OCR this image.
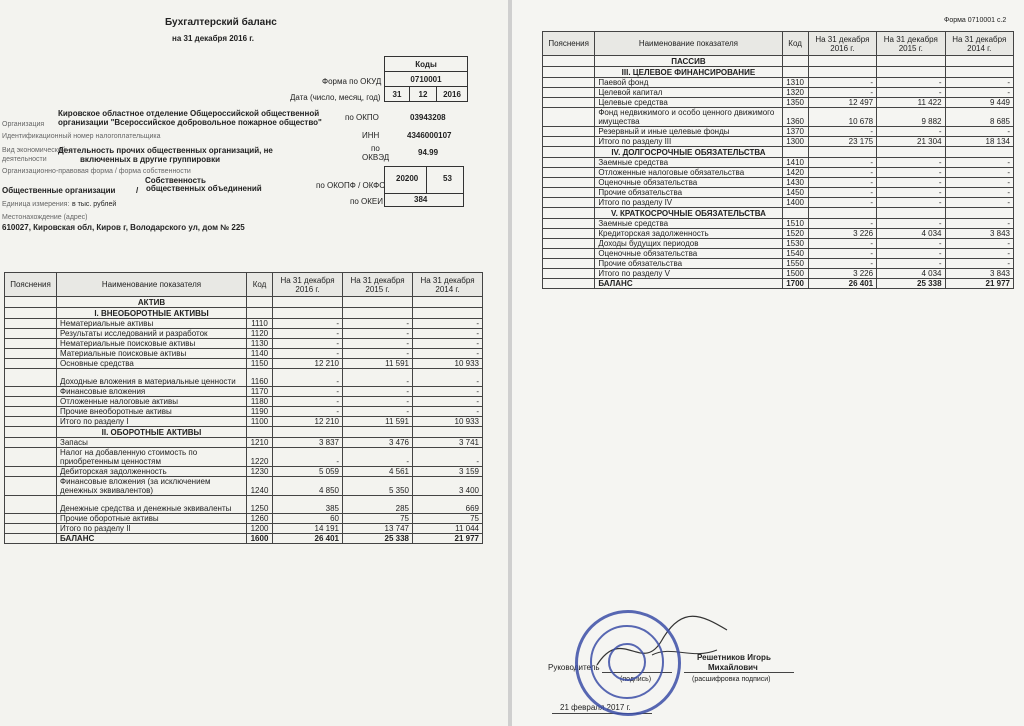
Бухгалтерский баланс
на 31 декабря 2016 г.
Коды
0710001
31	12	2016
Форма по ОКУД
Дата (число, месяц, год)
Организация
Кировское областное отделение Общероссийской общественной
организации "Всероссийское добровольное пожарное общество"
по ОКПО	03943208
Идентификационный номер налогоплательщика	ИНН	4346000107
Вид экономической
деятельности
Деятельность прочих общественных организаций, не
включенных в другие группировки
по
ОКВЭД
94.99
Организационно-правовая форма / форма собственности
Собственность
Общественные организации	/ общественных объединений	по ОКОПФ / ОКФС
20200	53
Единица измерения: в тыс. рублей	по ОКЕИ	384
Местонахождение (адрес)
610027, Кировская обл, Киров г, Володарского ул, дом № 225
Пояснения	Наименование показателя	Код	На 31 декабря 2016 г.	На 31 декабря 2015 г.	На 31 декабря 2014 г.
	АКТИВ				
	I. ВНЕОБОРОТНЫЕ АКТИВЫ				
	Нематериальные активы	1110	-	-	-
	Результаты исследований и разработок	1120	-	-	-
	Нематериальные поисковые активы	1130	-	-	-
	Материальные поисковые активы	1140	-	-	-
	Основные средства	1150	12 210	11 591	10 933
	Доходные вложения в материальные ценности	1160	-	-	-
	Финансовые вложения	1170	-	-	-
	Отложенные налоговые активы	1180	-	-	-
	Прочие внеоборотные активы	1190	-	-	-
	Итого по разделу I	1100	12 210	11 591	10 933
	II. ОБОРОТНЫЕ АКТИВЫ				
	Запасы	1210	3 837	3 476	3 741
	Налог на добавленную стоимость по приобретенным ценностям	1220	-	-	-
	Дебиторская задолженность	1230	5 059	4 561	3 159
	Финансовые вложения (за исключением денежных эквивалентов)	1240	4 850	5 350	3 400
	Денежные средства и денежные эквиваленты	1250	385	285	669
	Прочие оборотные активы	1260	60	75	75
	Итого по разделу II	1200	14 191	13 747	11 044
	БАЛАНС	1600	26 401	25 338	21 977
Форма 0710001 с.2
Пояснения	Наименование показателя	Код	На 31 декабря 2016 г.	На 31 декабря 2015 г.	На 31 декабря 2014 г.
	ПАССИВ				
	III. ЦЕЛЕВОЕ ФИНАНСИРОВАНИЕ				
	Паевой фонд	1310	-	-	-
	Целевой капитал	1320	-	-	-
	Целевые средства	1350	12 497	11 422	9 449
	Фонд недвижимого и особо ценного движимого имущества	1360	10 678	9 882	8 685
	Резервный и иные целевые фонды	1370	-	-	-
	Итого по разделу III	1300	23 175	21 304	18 134
	IV. ДОЛГОСРОЧНЫЕ ОБЯЗАТЕЛЬСТВА				
	Заемные средства	1410	-	-	-
	Отложенные налоговые обязательства	1420	-	-	-
	Оценочные обязательства	1430	-	-	-
	Прочие обязательства	1450	-	-	-
	Итого по разделу IV	1400	-	-	-
	V. КРАТКОСРОЧНЫЕ ОБЯЗАТЕЛЬСТВА				
	Заемные средства	1510	-	-	-
	Кредиторская задолженность	1520	3 226	4 034	3 843
	Доходы будущих периодов	1530	-	-	-
	Оценочные обязательства	1540	-	-	-
	Прочие обязательства	1550	-	-	-
	Итого по разделу V	1500	3 226	4 034	3 843
	БАЛАНС	1700	26 401	25 338	21 977
Руководитель
(подпись)
Решетников Игорь
Михайлович
(расшифровка подписи)
21 февраля 2017 г.
